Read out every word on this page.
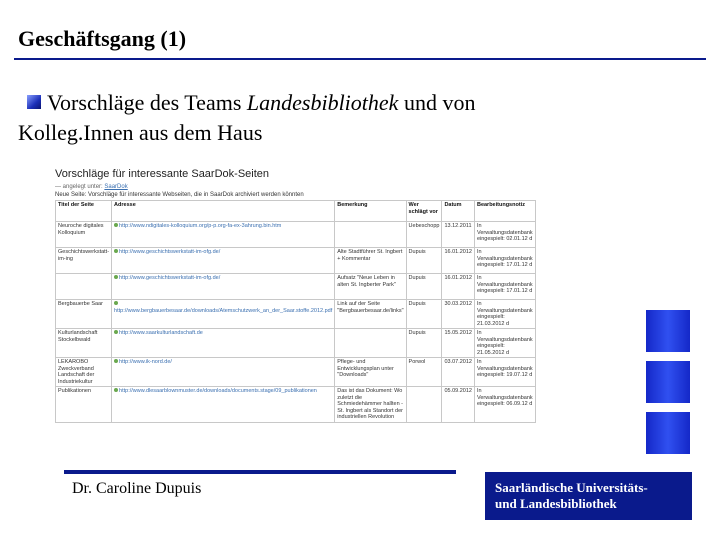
Geschäftsgang (1)
Vorschläge des Teams Landesbibliothek und von
Kolleg.Innen aus dem Haus
Vorschläge für interessante SaarDok-Seiten
— angelegt unter: SaarDok
Neue Seite: Vorschläge für interessante Webseiten, die in SaarDok archiviert werden könnten
Titel der Seite	Adresse	Bemerkung	Wer schlägt vor	Datum	Bearbeitungsnotiz
Neuroche digitales Kolloquium	http://www.ndigitales-kolloquium.org/p-p.org-fa-ex-3ahrung.bin.htm		Uebeschopp	13.12.2011	In Verwaltungsdatenbank eingespielt: 02.01.12 d
Geschichtswerkstatt-im-ing	http://www.geschichtswerkstatt-im-ofg.de/	Alte Stadtführer St. Ingbert + Kommentar	Dupuis	16.01.2012	In Verwaltungsdatenbank eingespielt: 17.01.12 d
	http://www.geschichtswerkstatt-im-ofg.de/	Aufsatz "Neue Leben in alten St. Ingberter Park"	Dupuis	16.01.2012	In Verwaltungsdatenbank eingespielt: 17.01.12 d
Bergbauerbe Saar	http://www.bergbauerbesaar.de/downloads/Atemschutzwerk_an_der_Saar.stoffe.2012.pdf	Link auf der Seite "Bergbauerbesaar.de/links"	Dupuis	30.03.2012	In Verwaltungsdatenbank eingespielt: 21.03.2012 d
Kulturlandschaft Stockelbwald	http://www.saarkulturlandschaft.de		Dupuis	15.05.2012	In Verwaltungsdatenbank eingespielt: 21.05.2012 d
LEKAROBO Zweckverband Landschaft der Industriekultur	http://www.ik-nord.de/	Pflege- und Entwicklungsplan unter "Downloads"	Porwol	03.07.2012	In Verwaltungsdatenbank eingespielt: 19.07.12 d
Publikationen	http://www.dlesaarblownmuster.de/downloads/documents.stage/09_publikationen	Das ist das Dokument: Wo zuletzt die Schmiedehämmer hallten - St. Ingbert als Standort der industriellen Revolution		05.09.2012	In Verwaltungsdatenbank eingespielt: 06.09.12 d
Dr. Caroline Dupuis	Saarländische Universitäts-
und Landesbibliothek
